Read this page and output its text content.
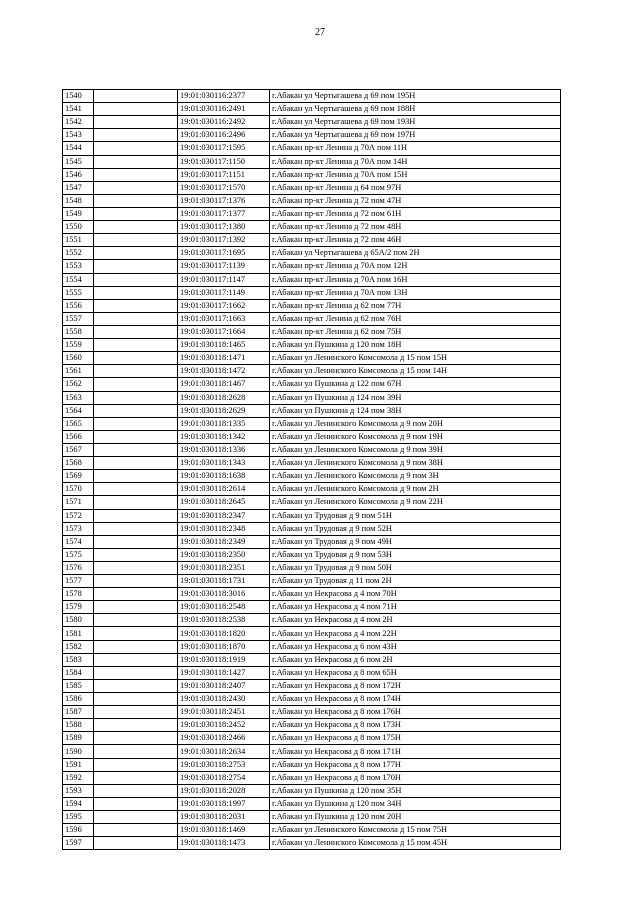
27
1540		19:01:030116:2377	г.Абакан ул Чертыгашева д 69 пом 195Н
1541		19:01:030116:2491	г.Абакан ул Чертыгашева д 69 пом 188Н
1542		19:01:030116:2492	г.Абакан ул Чертыгашева д 69 пом 193Н
1543		19:01:030116:2496	г.Абакан ул Чертыгашева д 69 пом 197Н
1544		19:01:030117:1595	г.Абакан пр-кт Ленина д 70А пом 11Н
1545		19:01:030117:1150	г.Абакан пр-кт Ленина д 70А пом 14Н
1546		19:01:030117:1151	г.Абакан пр-кт Ленина д 70А пом 15Н
1547		19:01:030117:1570	г.Абакан пр-кт Ленина д 64 пом 97Н
1548		19:01:030117:1376	г.Абакан пр-кт Ленина д 72 пом 47Н
1549		19:01:030117:1377	г.Абакан пр-кт Ленина д 72 пом 61Н
1550		19:01:030117:1380	г.Абакан пр-кт Ленина д 72 пом 48Н
1551		19:01:030117:1392	г.Абакан пр-кт Ленина д 72 пом 46Н
1552		19:01:030117:1695	г.Абакан ул Чертыгашева д 65А/2 пом 2Н
1553		19:01:030117:1139	г.Абакан пр-кт Ленина д 70А пом 12Н
1554		19:01:030117:1147	г.Абакан пр-кт Ленина д 70А пом 16Н
1555		19:01:030117:1149	г.Абакан пр-кт Ленина д 70А пом 13Н
1556		19:01:030117:1662	г.Абакан пр-кт Ленина д 62 пом 77Н
1557		19:01:030117:1663	г.Абакан пр-кт Ленина д 62 пом 76Н
1558		19:01:030117:1664	г.Абакан пр-кт Ленина д 62 пом 75Н
1559		19:01:030118:1465	г.Абакан ул Пушкина д 120 пом 18Н
1560		19:01:030118:1471	г.Абакан ул Ленинского Комсомола д 15 пом 15Н
1561		19:01:030118:1472	г.Абакан ул Ленинского Комсомола д 15 пом 14Н
1562		19:01:030118:1467	г.Абакан ул Пушкина д 122 пом 67Н
1563		19:01:030118:2628	г.Абакан ул Пушкина д 124 пом 39Н
1564		19:01:030118:2629	г.Абакан ул Пушкина д 124 пом 38Н
1565		19:01:030118:1335	г.Абакан ул Ленинского Комсомола д 9 пом 20Н
1566		19:01:030118:1342	г.Абакан ул Ленинского Комсомола д 9 пом 19Н
1567		19:01:030118:1336	г.Абакан ул Ленинского Комсомола д 9 пом 39Н
1568		19:01:030118:1343	г.Абакан ул Ленинского Комсомола д 9 пом 38Н
1569		19:01:030118:1638	г.Абакан ул Ленинского Комсомола д 9 пом 3Н
1570		19:01:030118:2614	г.Абакан ул Ленинского Комсомола д 9 пом 2Н
1571		19:01:030118:2645	г.Абакан ул Ленинского Комсомола д 9 пом 22Н
1572		19:01:030118:2347	г.Абакан ул Трудовая д 9 пом 51Н
1573		19:01:030118:2348	г.Абакан ул Трудовая д 9 пом 52Н
1574		19:01:030118:2349	г.Абакан ул Трудовая д 9 пом 49Н
1575		19:01:030118:2350	г.Абакан ул Трудовая д 9 пом 53Н
1576		19:01:030118:2351	г.Абакан ул Трудовая д 9 пом 50Н
1577		19:01:030118:1731	г.Абакан ул Трудовая д 11 пом 2Н
1578		19:01:030118:3016	г.Абакан ул Некрасова д 4 пом 70Н
1579		19:01:030118:2548	г.Абакан ул Некрасова д 4 пом 71Н
1580		19:01:030118:2538	г.Абакан ул Некрасова д 4 пом 2Н
1581		19:01:030118:1820	г.Абакан ул Некрасова д 4 пом 22Н
1582		19:01:030118:1870	г.Абакан ул Некрасова д 6 пом 43Н
1583		19:01:030118:1919	г.Абакан ул Некрасова д 6 пом 2Н
1584		19:01:030118:1427	г.Абакан ул Некрасова д 8 пом 65Н
1585		19:01:030118:2407	г.Абакан ул Некрасова д 8 пом 172Н
1586		19:01:030118:2430	г.Абакан ул Некрасова д 8 пом 174Н
1587		19:01:030118:2451	г.Абакан ул Некрасова д 8 пом 176Н
1588		19:01:030118:2452	г.Абакан ул Некрасова д 8 пом 173Н
1589		19:01:030118:2466	г.Абакан ул Некрасова д 8 пом 175Н
1590		19:01:030118:2634	г.Абакан ул Некрасова д 8 пом 171Н
1591		19:01:030118:2753	г.Абакан ул Некрасова д 8 пом 177Н
1592		19:01:030118:2754	г.Абакан ул Некрасова д 8 пом 170Н
1593		19:01:030118:2028	г.Абакан ул Пушкина д 120 пом 35Н
1594		19:01:030118:1997	г.Абакан ул Пушкина д 120 пом 34Н
1595		19:01:030118:2031	г.Абакан ул Пушкина д 120 пом 20Н
1596		19:01:030118:1469	г.Абакан ул Ленинского Комсомола д 15 пом 75Н
1597		19:01:030118:1473	г.Абакан ул Ленинского Комсомола д 15 пом 45Н
